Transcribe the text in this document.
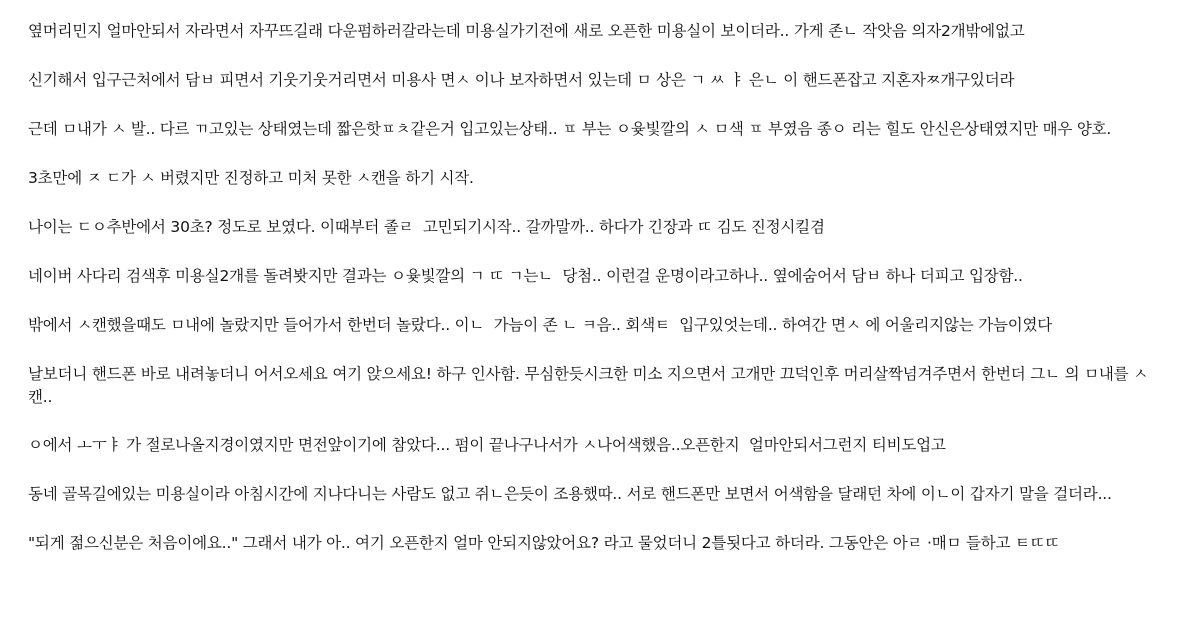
옆머리민지 얼마안되서 자라면서 자꾸뜨길래 다운펌하러갈라는데 미용실가기전에 새로 오픈한 미용실이 보이더라.. 가게 존ㄴ 작앗음 의자2개밖에없고

신기해서 입구근처에서 담ㅂ 피면서 기웃기웃거리면서 미용사 면ㅅ 이나 보자하면서 있는데 ㅁ 상은 ㄱ ㅆ ㅑ 은ㄴ 이 핸드폰잡고 지혼자ㅉ개구있더라

근데 ㅁ내가 ㅅ 발.. 다르 ㄲ고있는 상태였는데 짧은핫ㅍㅊ같은거 입고있는상태.. ㅍ 부는 ㅇ윶빛깔의 ㅅ ㅁ색 ㅍ 부였음 종ㅇ 리는 힐도 안신은상태였지만 매우 양호.

3초만에 ㅈ ㄷ가 ㅅ 버렸지만 진정하고 미처 못한 ㅅ캔을 하기 시작.

나이는 ㄷㅇ추반에서 30초? 정도로 보였다. 이때부터 졸ㄹ  고민되기시작.. 갈까말까.. 하다가 긴장과 ㄸ 김도 진정시킬겸

네이버 사다리 검색후 미용실2개를 돌려봣지만 결과는 ㅇ윶빛깔의 ㄱ ㄸ ㄱ는ㄴ  당첨.. 이런걸 운명이라고하나.. 옆에숨어서 담ㅂ 하나 더피고 입장함..

밖에서 ㅅ캔했을때도 ㅁ내에 놀랐지만 들어가서 한번더 놀랐다.. 이ㄴ  가늠이 존 ㄴ ㅋ음.. 회색ㅌ  입구있엇는데.. 하여간 면ㅅ 에 어울리지않는 가늠이였다

날보더니 핸드폰 바로 내려놓더니 어서오세요 여기 앉으세요! 하구 인사함. 무심한듯시크한 미소 지으면서 고개만 끄덕인후 머리살짝넘겨주면서 한번더 그ㄴ 의 ㅁ내를 ㅅ캔..

ㅇ에서 ㅗㅜㅑ 가 절로나올지경이였지만 면전앞이기에 참았다... 펌이 끝나구나서가 ㅅ나어색했음..오픈한지  얼마안되서그런지 티비도업고

동네 골목길에있는 미용실이라 아침시간에 지나다니는 사람도 없고 쥐ㄴ은듯이 조용했따.. 서로 핸드폰만 보면서 어색함을 달래던 차에 이ㄴ이 갑자기 말을 걸더라...

"되게 젊으신분은 처음이에요.." 그래서 내가 아.. 여기 오픈한지 얼마 안되지않았어요? 라고 물었더니 2틀됫다고 하더라. 그동안은 아ㄹ ·매ㅁ 들하고 ㅌㄸㄸ
